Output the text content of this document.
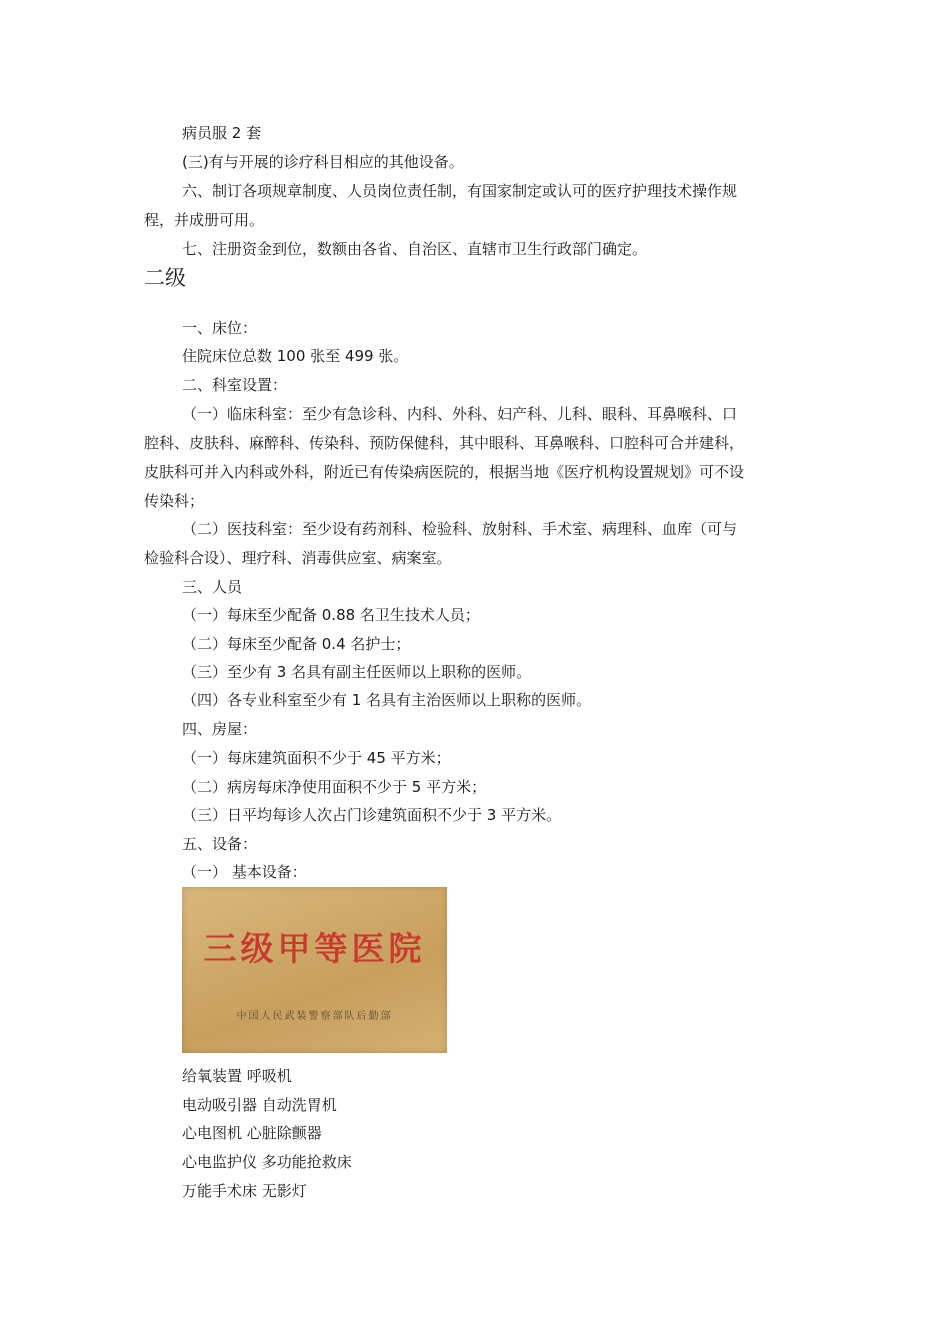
病员服 2 套
(三)有与开展的诊疗科目相应的其他设备。
六、制订各项规章制度、人员岗位责任制，有国家制定或认可的医疗护理技术操作规
程，并成册可用。
七、注册资金到位，数额由各省、自治区、直辖市卫生行政部门确定。
二级
一、床位：
住院床位总数 100 张至 499 张。
二、科室设置：
（一）临床科室：至少有急诊科、内科、外科、妇产科、儿科、眼科、耳鼻喉科、口
腔科、皮肤科、麻醉科、传染科、预防保健科，其中眼科、耳鼻喉科、口腔科可合并建科，
皮肤科可并入内科或外科，附近已有传染病医院的，根据当地《医疗机构设置规划》可不设
传染科；
（二）医技科室：至少设有药剂科、检验科、放射科、手术室、病理科、血库（可与
检验科合设）、理疗科、消毒供应室、病案室。
三、人员
（一）每床至少配备 0.88 名卫生技术人员；
（二）每床至少配备 0.4 名护士；
（三）至少有 3 名具有副主任医师以上职称的医师。
（四）各专业科室至少有 1 名具有主治医师以上职称的医师。
四、房屋：
（一）每床建筑面积不少于 45 平方米；
（二）病房每床净使用面积不少于 5 平方米；
（三）日平均每诊人次占门诊建筑面积不少于 3 平方米。
五、设备：
（一） 基本设备：
三级甲等医院
中国人民武装警察部队后勤部
给氧装置 呼吸机
电动吸引器 自动洗胃机
心电图机 心脏除颤器
心电监护仪 多功能抢救床
万能手术床 无影灯
